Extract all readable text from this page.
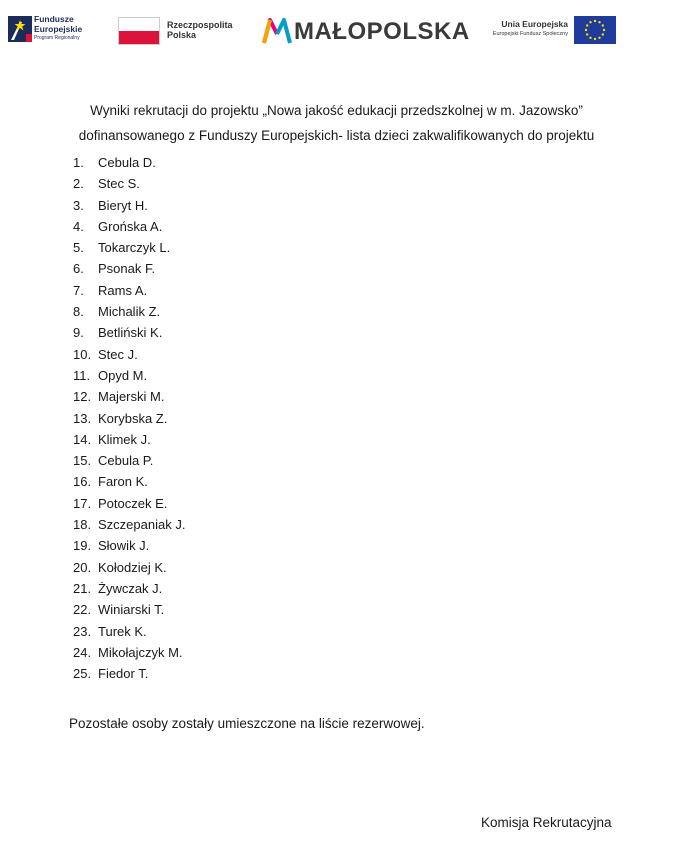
Fundusze
Europejskie
Program Regionalny
Rzeczpospolita
Polska	MAŁOPOLSKA	Unia Europejska
Europejski Fundusz Społeczny
Wyniki rekrutacji do projektu „Nowa jakość edukacji przedszkolnej w m. Jazowsko”
dofinansowanego z Funduszy Europejskich- lista dzieci zakwalifikowanych do projektu
1. Cebula D.
2. Stec S.
3. Bieryt H.
4. Grońska A.
5. Tokarczyk L.
6. Psonak F.
7. Rams A.
8. Michalik Z.
9. Betliński K.
10. Stec J.
11. Opyd M.
12. Majerski M.
13. Korybska Z.
14. Klimek J.
15. Cebula P.
16. Faron K.
17. Potoczek E.
18. Szczepaniak J.
19. Słowik J.
20. Kołodziej K.
21. Żywczak J.
22. Winiarski T.
23. Turek K.
24. Mikołajczyk M.
25. Fiedor T.
Pozostałe osoby zostały umieszczone na liście rezerwowej.
Komisja Rekrutacyjna
